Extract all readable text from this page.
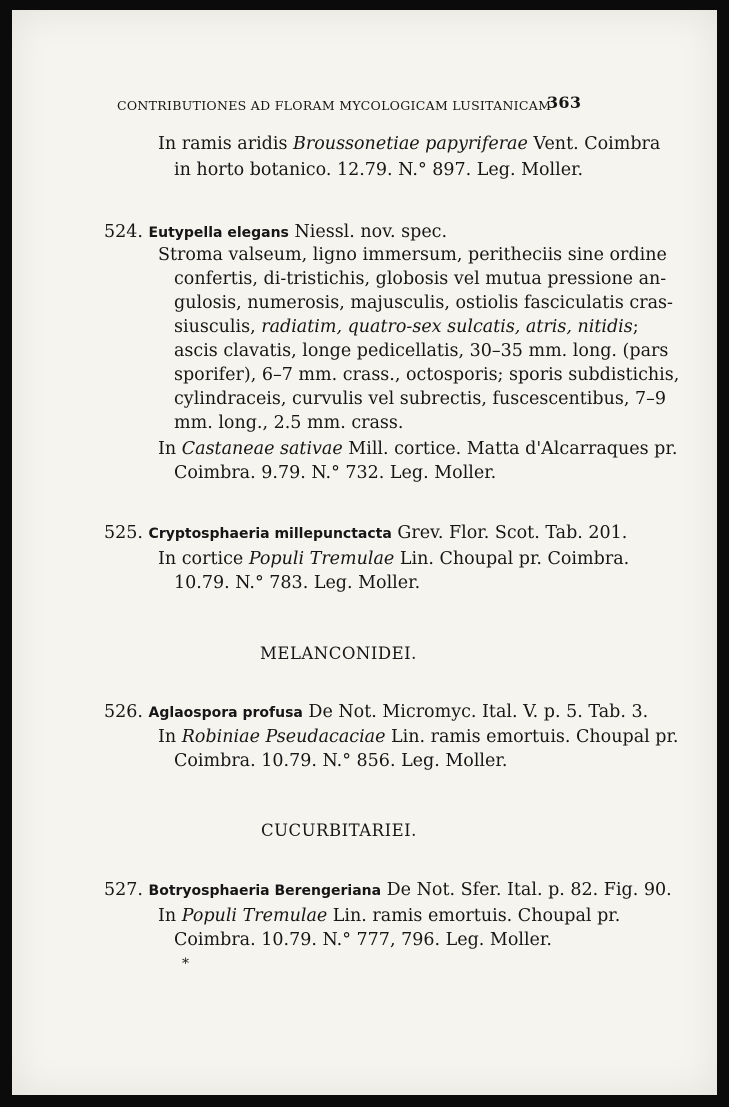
CONTRIBUTIONES AD FLORAM MYCOLOGICAM LUSITANICAM
363
In ramis aridis Broussonetiae papyriferae Vent. Coimbra
in horto botanico. 12.79. N.° 897. Leg. Moller.
524. Eutypella elegans Niessl. nov. spec.
Stroma valseum, ligno immersum, peritheciis sine ordine
confertis, di-tristichis, globosis vel mutua pressione an-
gulosis, numerosis, majusculis, ostiolis fasciculatis cras-
siusculis, radiatim, quatro-sex sulcatis, atris, nitidis;
ascis clavatis, longe pedicellatis, 30–35 mm. long. (pars
sporifer), 6–7 mm. crass., octosporis; sporis subdistichis,
cylindraceis, curvulis vel subrectis, fuscescentibus, 7–9
mm. long., 2.5 mm. crass.
In Castaneae sativae Mill. cortice. Matta d'Alcarraques pr.
Coimbra. 9.79. N.° 732. Leg. Moller.
525. Cryptosphaeria millepunctacta Grev. Flor. Scot. Tab. 201.
In cortice Populi Tremulae Lin. Choupal pr. Coimbra.
10.79. N.° 783. Leg. Moller.
MELANCONIDEI.
526. Aglaospora profusa De Not. Micromyc. Ital. V. p. 5. Tab. 3.
In Robiniae Pseudacaciae Lin. ramis emortuis. Choupal pr.
Coimbra. 10.79. N.° 856. Leg. Moller.
CUCURBITARIEI.
527. Botryosphaeria Berengeriana De Not. Sfer. Ital. p. 82. Fig. 90.
In Populi Tremulae Lin. ramis emortuis. Choupal pr.
Coimbra. 10.79. N.° 777, 796. Leg. Moller.
*
